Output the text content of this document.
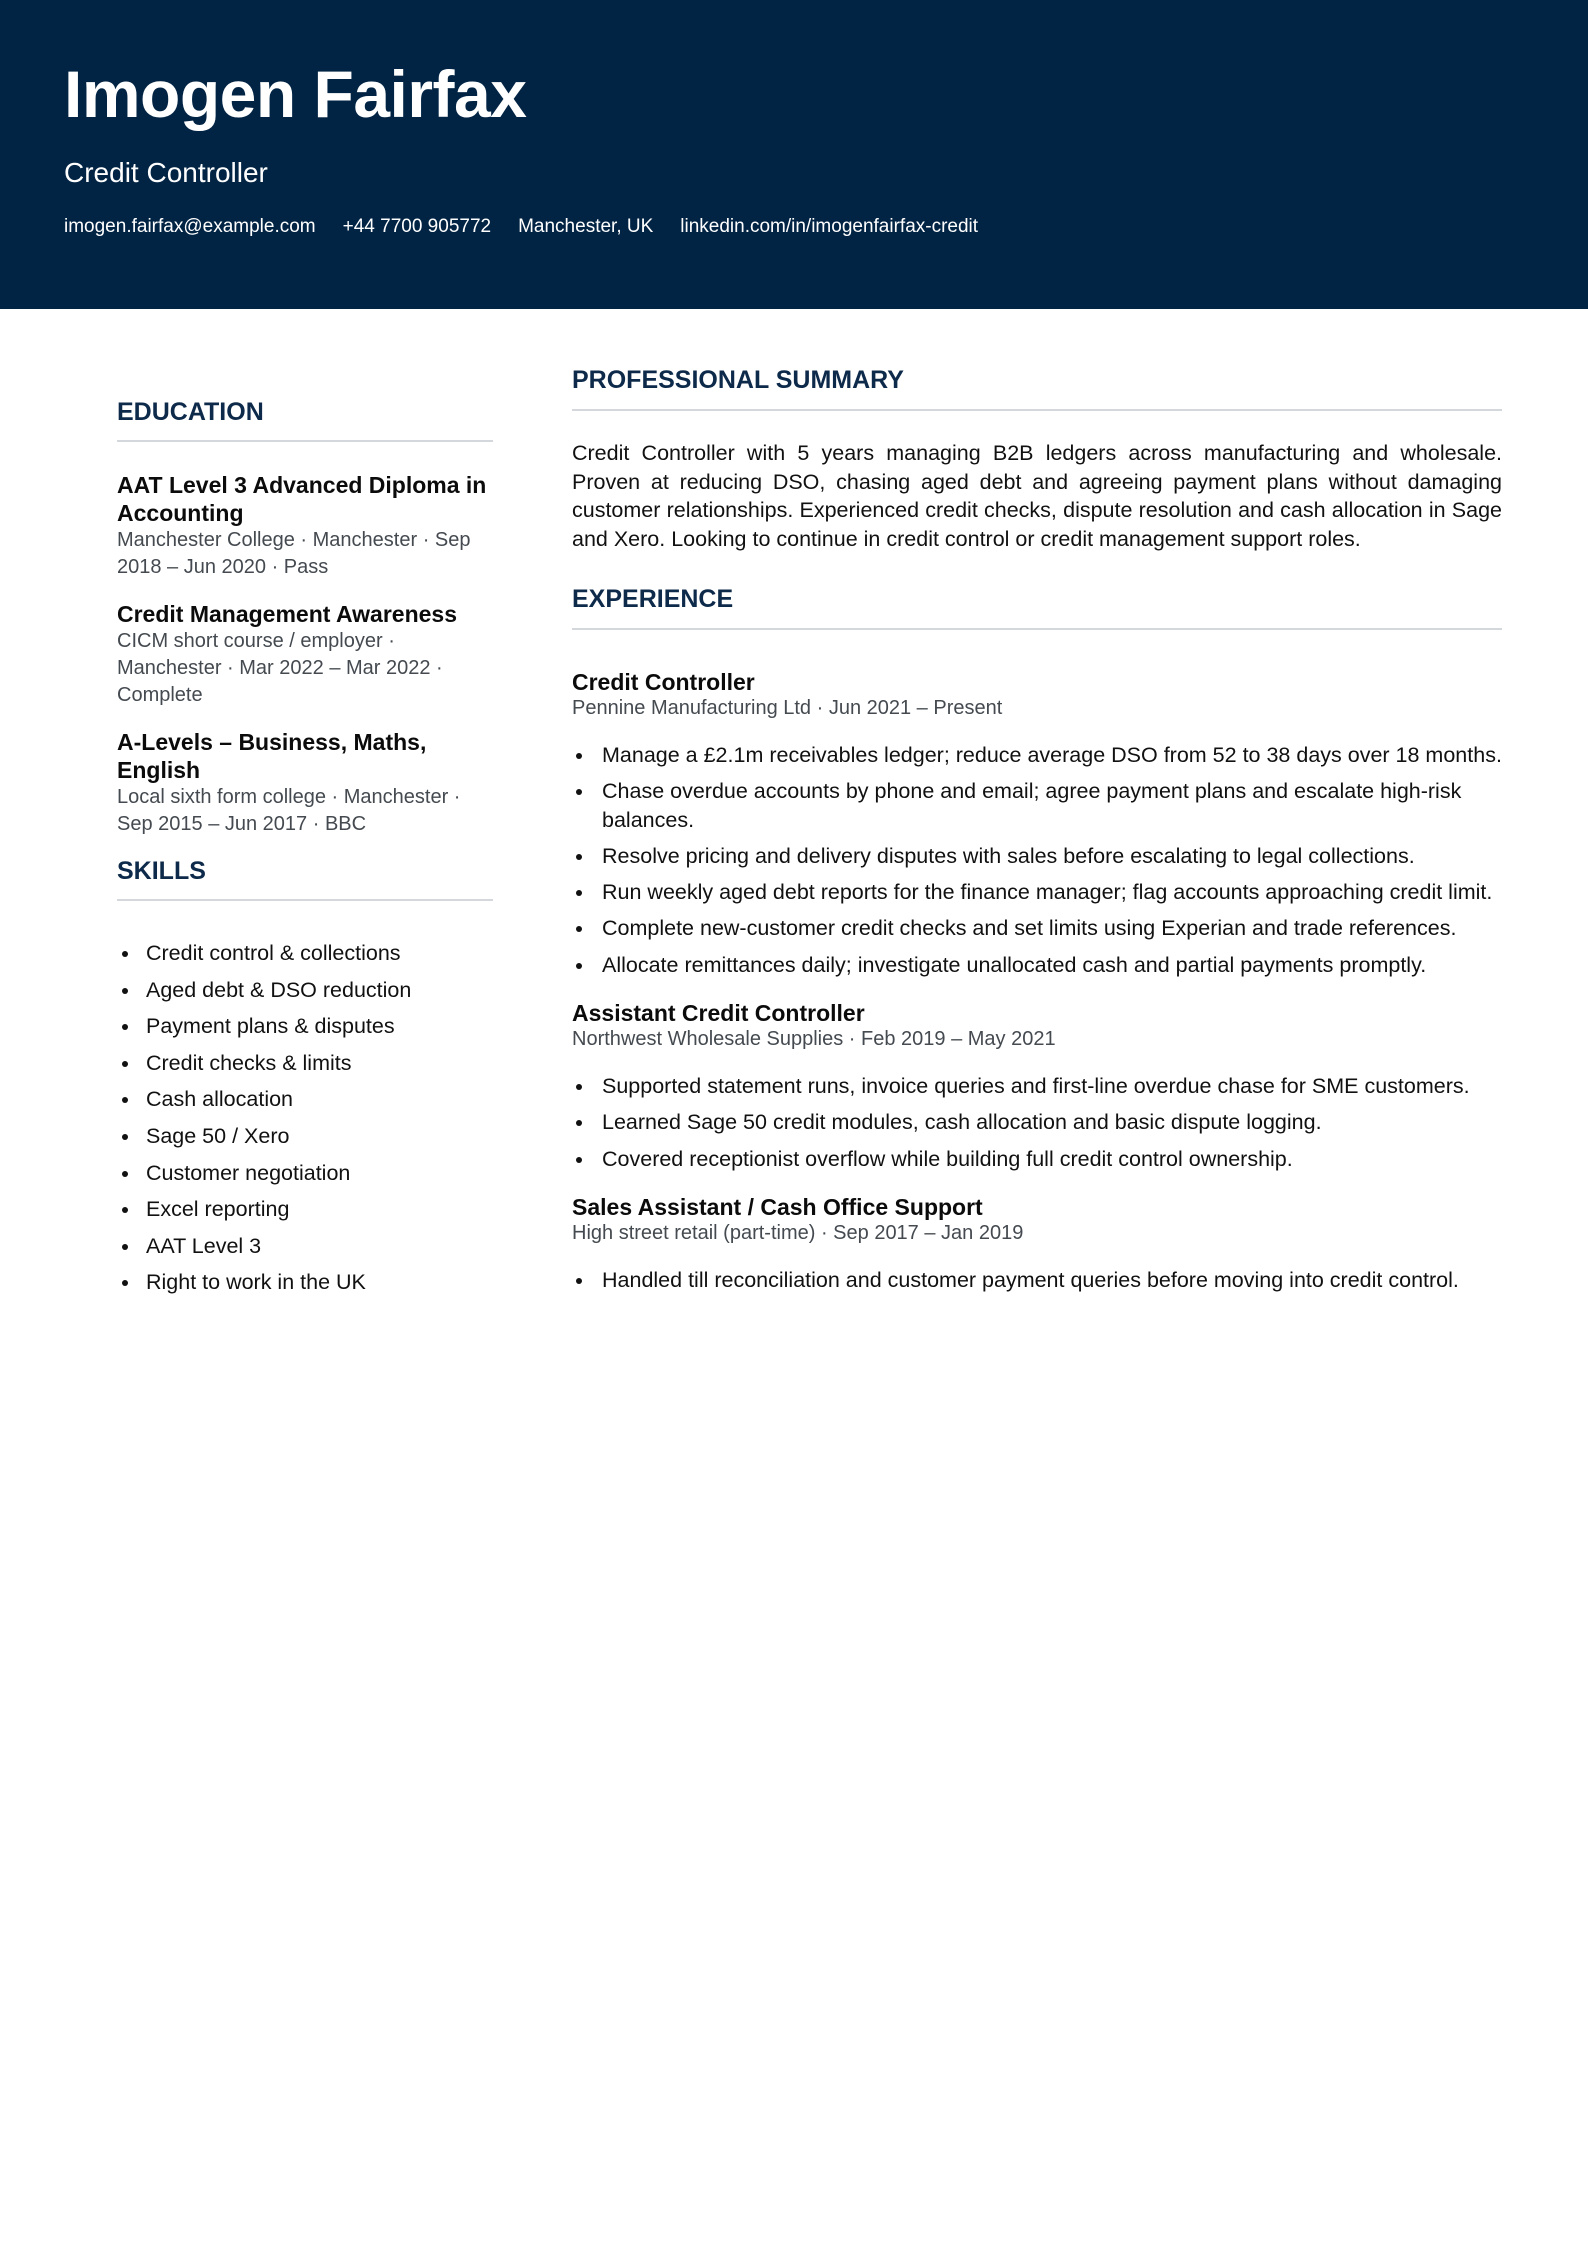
Imogen Fairfax
Credit Controller
imogen.fairfax@example.com +44 7700 905772 Manchester, UK linkedin.com/in/imogenfairfax-credit
EDUCATION
AAT Level 3 Advanced Diploma in Accounting
Manchester College · Manchester · Sep 2018 – Jun 2020 · Pass
Credit Management Awareness
CICM short course / employer · Manchester · Mar 2022 – Mar 2022 · Complete
A-Levels – Business, Maths, English
Local sixth form college · Manchester · Sep 2015 – Jun 2017 · BBC
SKILLS
Credit control & collections
Aged debt & DSO reduction
Payment plans & disputes
Credit checks & limits
Cash allocation
Sage 50 / Xero
Customer negotiation
Excel reporting
AAT Level 3
Right to work in the UK
PROFESSIONAL SUMMARY

Credit Controller with 5 years managing B2B ledgers across manufacturing and wholesale. Proven at reducing DSO, chasing aged debt and agreeing payment plans without damaging customer relationships. Experienced credit checks, dispute resolution and cash allocation in Sage and Xero. Looking to continue in credit control or credit management support roles.

EXPERIENCE
Credit Controller
Pennine Manufacturing Ltd · Jun 2021 – Present
Manage a £2.1m receivables ledger; reduce average DSO from 52 to 38 days over 18 months.
Chase overdue accounts by phone and email; agree payment plans and escalate high-risk balances.
Resolve pricing and delivery disputes with sales before escalating to legal collections.
Run weekly aged debt reports for the finance manager; flag accounts approaching credit limit.
Complete new-customer credit checks and set limits using Experian and trade references.
Allocate remittances daily; investigate unallocated cash and partial payments promptly.
Assistant Credit Controller
Northwest Wholesale Supplies · Feb 2019 – May 2021
Supported statement runs, invoice queries and first-line overdue chase for SME customers.
Learned Sage 50 credit modules, cash allocation and basic dispute logging.
Covered receptionist overflow while building full credit control ownership.
Sales Assistant / Cash Office Support
High street retail (part-time) · Sep 2017 – Jan 2019
Handled till reconciliation and customer payment queries before moving into credit control.
